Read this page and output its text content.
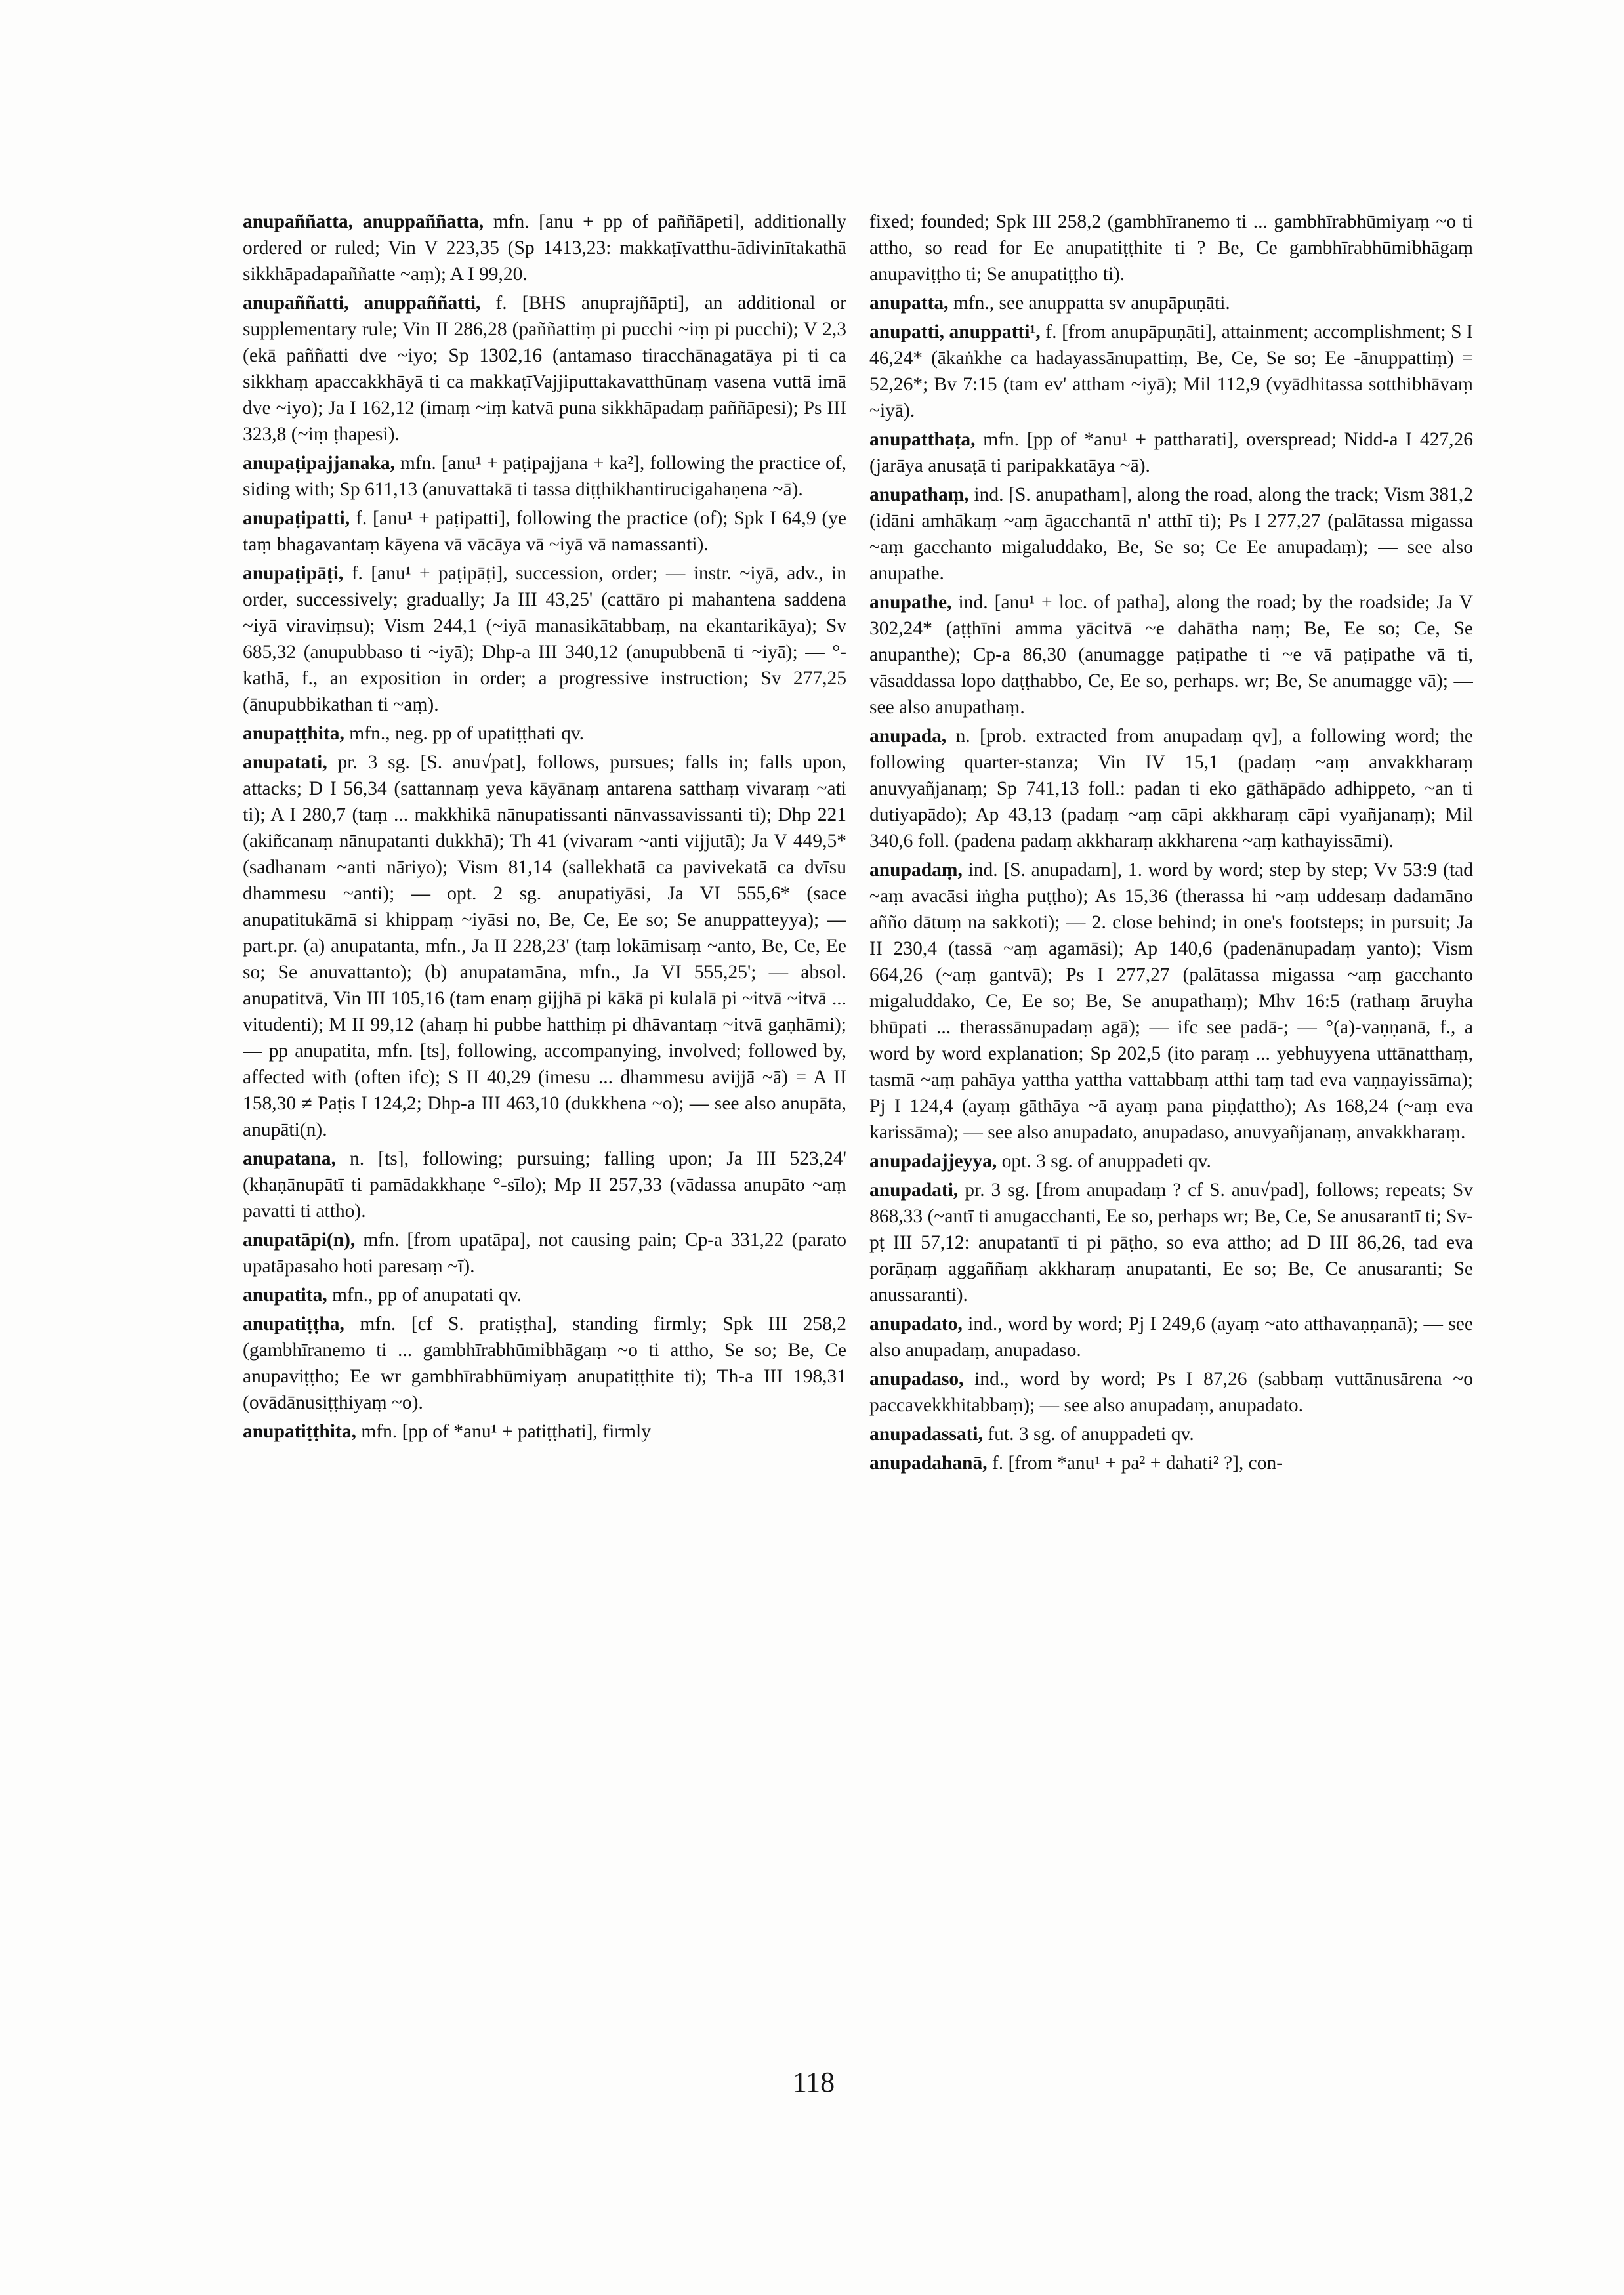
anupaññatta, anuppaññatta, mfn. [anu + pp of paññāpeti], additionally ordered or ruled; Vin V 223,35 (Sp 1413,23: makkaṭīvatthu-ādivinītakathā sikkhāpadapaññatte ~aṃ); A I 99,20.

anupaññatti, anuppaññatti, f. [BHS anuprajñāpti], an additional or supplementary rule; Vin II 286,28 (paññattiṃ pi pucchi ~iṃ pi pucchi); V 2,3 (ekā paññatti dve ~iyo; Sp 1302,16 (antamaso tiracchānagatāya pi ti ca sikkhaṃ apaccakkhāyā ti ca makkaṭīVajjiputtakavatthūnaṃ vasena vuttā imā dve ~iyo); Ja I 162,12 (imaṃ ~iṃ katvā puna sikkhāpadaṃ paññāpesi); Ps III 323,8 (~iṃ ṭhapesi).

anupaṭipajjanaka, mfn. [anu¹ + paṭipajjana + ka²], following the practice of, siding with; Sp 611,13 (anuvattakā ti tassa diṭṭhikhantirucigahaṇena ~ā).

anupaṭipatti, f. [anu¹ + paṭipatti], following the practice (of); Spk I 64,9 (ye taṃ bhagavantaṃ kāyena vā vācāya vā ~iyā vā namassanti).

anupaṭipāṭi, f. [anu¹ + paṭipāṭi], succession, order; — instr. ~iyā, adv., in order, successively; gradually; Ja III 43,25' (cattāro pi mahantena saddena ~iyā viraviṃsu); Vism 244,1 (~iyā manasikātabbaṃ, na ekantarikāya); Sv 685,32 (anupubbaso ti ~iyā); Dhp-a III 340,12 (anupubbenā ti ~iyā); — °-kathā, f., an exposition in order; a progressive instruction; Sv 277,25 (ānupubbikathan ti ~aṃ).

anupaṭṭhita, mfn., neg. pp of upatiṭṭhati qv.

anupatati, pr. 3 sg. [S. anu√pat], follows, pursues; falls in; falls upon, attacks; D I 56,34 (sattannaṃ yeva kāyānaṃ antarena satthaṃ vivaraṃ ~ati ti); A I 280,7 (taṃ ... makkhikā nānupatissanti nānvassavissanti ti); Dhp 221 (akiñcanaṃ nānupatanti dukkhā); Th 41 (vivaram ~anti vijjutā); Ja V 449,5* (sadhanam ~anti nāriyo); Vism 81,14 (sallekhatā ca pavivekatā ca dvīsu dhammesu ~anti); — opt. 2 sg. anupatiyāsi, Ja VI 555,6* (sace anupatitukāmā si khippaṃ ~iyāsi no, Be, Ce, Ee so; Se anuppatteyya); — part.pr. (a) anupatanta, mfn., Ja II 228,23' (taṃ lokāmisaṃ ~anto, Be, Ce, Ee so; Se anuvattanto); (b) anupatamāna, mfn., Ja VI 555,25'; — absol. anupatitvā, Vin III 105,16 (tam enaṃ gijjhā pi kākā pi kulalā pi ~itvā ~itvā ... vitudenti); M II 99,12 (ahaṃ hi pubbe hatthiṃ pi dhāvantaṃ ~itvā gaṇhāmi); — pp anupatita, mfn. [ts], following, accompanying, involved; followed by, affected with (often ifc); S II 40,29 (imesu ... dhammesu avijjā ~ā) = A II 158,30 ≠ Paṭis I 124,2; Dhp-a III 463,10 (dukkhena ~o); — see also anupāta, anupāti(n).

anupatana, n. [ts], following; pursuing; falling upon; Ja III 523,24' (khaṇānupātī ti pamādakkhaṇe °-sīlo); Mp II 257,33 (vādassa anupāto ~aṃ pavatti ti attho).

anupatāpi(n), mfn. [from upatāpa], not causing pain; Cp-a 331,22 (parato upatāpasaho hoti paresaṃ ~ī).

anupatita, mfn., pp of anupatati qv.

anupatiṭṭha, mfn. [cf S. pratiṣṭha], standing firmly; Spk III 258,2 (gambhīranemo ti ... gambhīrabhūmibhāgaṃ ~o ti attho, Se so; Be, Ce anupaviṭṭho; Ee wr gambhīrabhūmiyaṃ anupatiṭṭhite ti); Th-a III 198,31 (ovādānusiṭṭhiyaṃ ~o).

anupatiṭṭhita, mfn. [pp of *anu¹ + patiṭṭhati], firmly

fixed; founded; Spk III 258,2 (gambhīranemo ti ... gambhīrabhūmiyaṃ ~o ti attho, so read for Ee anupatiṭṭhite ti ? Be, Ce gambhīrabhūmibhāgaṃ anupaviṭṭho ti; Se anupatiṭṭho ti).

anupatta, mfn., see anuppatta sv anupāpuṇāti.

anupatti, anuppatti¹, f. [from anupāpuṇāti], attainment; accomplishment; S I 46,24* (ākaṅkhe ca hadayassānupattiṃ, Be, Ce, Se so; Ee -ānuppattiṃ) = 52,26*; Bv 7:15 (tam ev' attham ~iyā); Mil 112,9 (vyādhitassa sotthibhāvaṃ ~iyā).

anupatthaṭa, mfn. [pp of *anu¹ + pattharati], overspread; Nidd-a I 427,26 (jarāya anusaṭā ti paripakkatāya ~ā).

anupathaṃ, ind. [S. anupatham], along the road, along the track; Vism 381,2 (idāni amhākaṃ ~aṃ āgacchantā n' atthī ti); Ps I 277,27 (palātassa migassa ~aṃ gacchanto migaluddako, Be, Se so; Ce Ee anupadaṃ); — see also anupathe.

anupathe, ind. [anu¹ + loc. of patha], along the road; by the roadside; Ja V 302,24* (aṭṭhīni amma yācitvā ~e dahātha naṃ; Be, Ee so; Ce, Se anupanthe); Cp-a 86,30 (anumagge paṭipathe ti ~e vā paṭipathe vā ti, vāsaddassa lopo daṭṭhabbo, Ce, Ee so, perhaps. wr; Be, Se anumagge vā); — see also anupathaṃ.

anupada, n. [prob. extracted from anupadaṃ qv], a following word; the following quarter-stanza; Vin IV 15,1 (padaṃ ~aṃ anvakkharaṃ anuvyañjanaṃ; Sp 741,13 foll.: padan ti eko gāthāpādo adhippeto, ~an ti dutiyapādo); Ap 43,13 (padaṃ ~aṃ cāpi akkharaṃ cāpi vyañjanaṃ); Mil 340,6 foll. (padena padaṃ akkharaṃ akkharena ~aṃ kathayissāmi).

anupadaṃ, ind. [S. anupadam], 1. word by word; step by step; Vv 53:9 (tad ~aṃ avacāsi iṅgha puṭṭho); As 15,36 (therassa hi ~aṃ uddesaṃ dadamāno añño dātuṃ na sakkoti); — 2. close behind; in one's footsteps; in pursuit; Ja II 230,4 (tassā ~aṃ agamāsi); Ap 140,6 (padenānupadaṃ yanto); Vism 664,26 (~aṃ gantvā); Ps I 277,27 (palātassa migassa ~aṃ gacchanto migaluddako, Ce, Ee so; Be, Se anupathaṃ); Mhv 16:5 (rathaṃ āruyha bhūpati ... therassānupadaṃ agā); — ifc see padā-; — °(a)-vaṇṇanā, f., a word by word explanation; Sp 202,5 (ito paraṃ ... yebhuyyena uttānatthaṃ, tasmā ~aṃ pahāya yattha yattha vattabbaṃ atthi taṃ tad eva vaṇṇayissāma); Pj I 124,4 (ayaṃ gāthāya ~ā ayaṃ pana piṇḍattho); As 168,24 (~aṃ eva karissāma); — see also anupadato, anupadaso, anuvyañjanaṃ, anvakkharaṃ.

anupadajjeyya, opt. 3 sg. of anuppadeti qv.

anupadati, pr. 3 sg. [from anupadaṃ ? cf S. anu√pad], follows; repeats; Sv 868,33 (~antī ti anugacchanti, Ee so, perhaps wr; Be, Ce, Se anusarantī ti; Sv-pṭ III 57,12: anupatantī ti pi pāṭho, so eva attho; ad D III 86,26, tad eva porāṇaṃ aggaññaṃ akkharaṃ anupatanti, Ee so; Be, Ce anusaranti; Se anussaranti).

anupadato, ind., word by word; Pj I 249,6 (ayaṃ ~ato atthavaṇṇanā); — see also anupadaṃ, anupadaso.

anupadaso, ind., word by word; Ps I 87,26 (sabbaṃ vuttānusārena ~o paccavekkhitabbaṃ); — see also anupadaṃ, anupadato.

anupadassati, fut. 3 sg. of anuppadeti qv.

anupadahanā, f. [from *anu¹ + pa² + dahati² ?], con-

118
